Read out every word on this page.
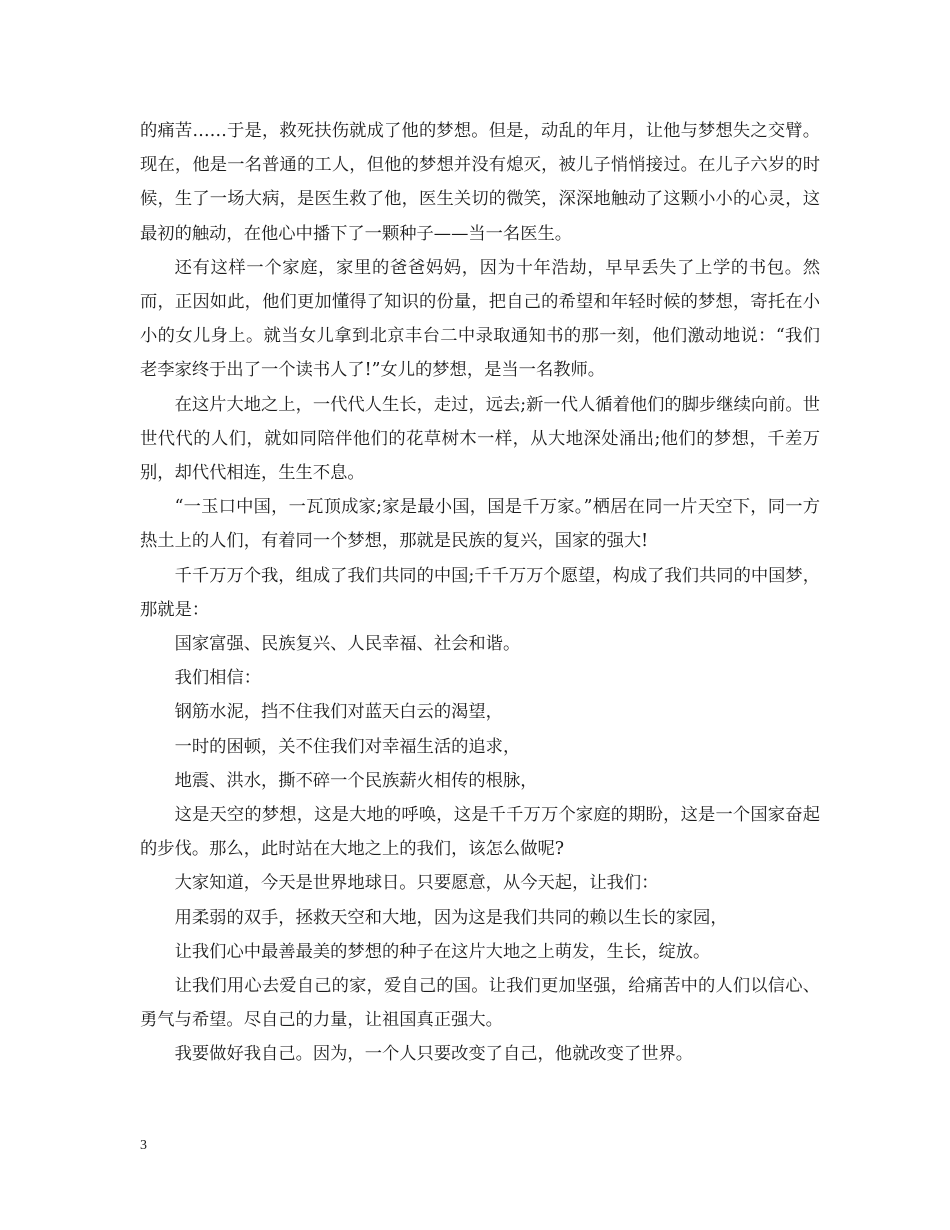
的痛苦……于是，救死扶伤就成了他的梦想。但是，动乱的年月，让他与梦想失之交臂。现在，他是一名普通的工人，但他的梦想并没有熄灭，被儿子悄悄接过。在儿子六岁的时候，生了一场大病，是医生救了他，医生关切的微笑，深深地触动了这颗小小的心灵，这最初的触动，在他心中播下了一颗种子——当一名医生。

还有这样一个家庭，家里的爸爸妈妈，因为十年浩劫，早早丢失了上学的书包。然而，正因如此，他们更加懂得了知识的份量，把自己的希望和年轻时候的梦想，寄托在小小的女儿身上。就当女儿拿到北京丰台二中录取通知书的那一刻，他们激动地说：“我们老李家终于出了一个读书人了!”女儿的梦想，是当一名教师。

在这片大地之上，一代代人生长，走过，远去;新一代人循着他们的脚步继续向前。世世代代的人们，就如同陪伴他们的花草树木一样，从大地深处涌出;他们的梦想，千差万别，却代代相连，生生不息。

“一玉口中国，一瓦顶成家;家是最小国，国是千万家。”栖居在同一片天空下，同一方热土上的人们，有着同一个梦想，那就是民族的复兴，国家的强大!

千千万万个我，组成了我们共同的中国;千千万万个愿望，构成了我们共同的中国梦，那就是：

国家富强、民族复兴、人民幸福、社会和谐。

我们相信：

钢筋水泥，挡不住我们对蓝天白云的渴望，

一时的困顿，关不住我们对幸福生活的追求，

地震、洪水，撕不碎一个民族薪火相传的根脉，

这是天空的梦想，这是大地的呼唤，这是千千万万个家庭的期盼，这是一个国家奋起的步伐。那么，此时站在大地之上的我们，该怎么做呢?

大家知道，今天是世界地球日。只要愿意，从今天起，让我们：

用柔弱的双手，拯救天空和大地，因为这是我们共同的赖以生长的家园，

让我们心中最善最美的梦想的种子在这片大地之上萌发，生长，绽放。

让我们用心去爱自己的家，爱自己的国。让我们更加坚强，给痛苦中的人们以信心、勇气与希望。尽自己的力量，让祖国真正强大。

我要做好我自己。因为，一个人只要改变了自己，他就改变了世界。

3
